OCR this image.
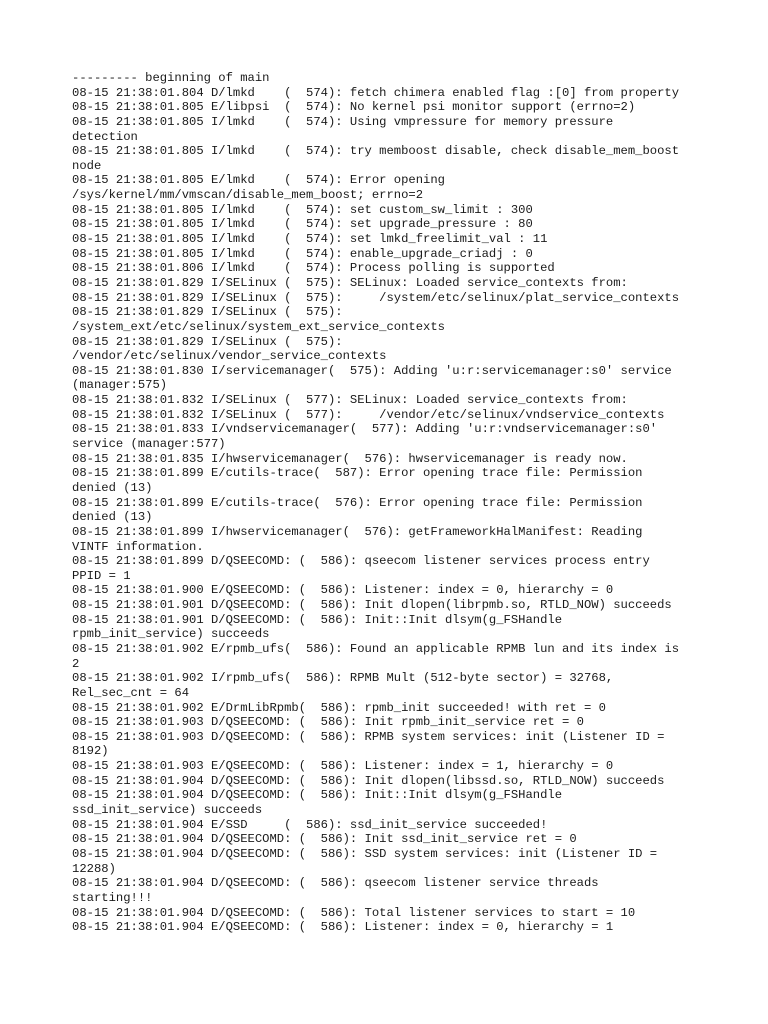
--------- beginning of main
08-15 21:38:01.804 D/lmkd    (  574): fetch chimera enabled flag :[0] from property
08-15 21:38:01.805 E/libpsi  (  574): No kernel psi monitor support (errno=2)
08-15 21:38:01.805 I/lmkd    (  574): Using vmpressure for memory pressure
detection
08-15 21:38:01.805 I/lmkd    (  574): try memboost disable, check disable_mem_boost
node
08-15 21:38:01.805 E/lmkd    (  574): Error opening
/sys/kernel/mm/vmscan/disable_mem_boost; errno=2
08-15 21:38:01.805 I/lmkd    (  574): set custom_sw_limit : 300
08-15 21:38:01.805 I/lmkd    (  574): set upgrade_pressure : 80
08-15 21:38:01.805 I/lmkd    (  574): set lmkd_freelimit_val : 11
08-15 21:38:01.805 I/lmkd    (  574): enable_upgrade_criadj : 0
08-15 21:38:01.806 I/lmkd    (  574): Process polling is supported
08-15 21:38:01.829 I/SELinux (  575): SELinux: Loaded service_contexts from:
08-15 21:38:01.829 I/SELinux (  575):     /system/etc/selinux/plat_service_contexts
08-15 21:38:01.829 I/SELinux (  575):
/system_ext/etc/selinux/system_ext_service_contexts
08-15 21:38:01.829 I/SELinux (  575):
/vendor/etc/selinux/vendor_service_contexts
08-15 21:38:01.830 I/servicemanager(  575): Adding 'u:r:servicemanager:s0' service
(manager:575)
08-15 21:38:01.832 I/SELinux (  577): SELinux: Loaded service_contexts from:
08-15 21:38:01.832 I/SELinux (  577):     /vendor/etc/selinux/vndservice_contexts
08-15 21:38:01.833 I/vndservicemanager(  577): Adding 'u:r:vndservicemanager:s0'
service (manager:577)
08-15 21:38:01.835 I/hwservicemanager(  576): hwservicemanager is ready now.
08-15 21:38:01.899 E/cutils-trace(  587): Error opening trace file: Permission
denied (13)
08-15 21:38:01.899 E/cutils-trace(  576): Error opening trace file: Permission
denied (13)
08-15 21:38:01.899 I/hwservicemanager(  576): getFrameworkHalManifest: Reading
VINTF information.
08-15 21:38:01.899 D/QSEECOMD: (  586): qseecom listener services process entry
PPID = 1
08-15 21:38:01.900 E/QSEECOMD: (  586): Listener: index = 0, hierarchy = 0
08-15 21:38:01.901 D/QSEECOMD: (  586): Init dlopen(librpmb.so, RTLD_NOW) succeeds
08-15 21:38:01.901 D/QSEECOMD: (  586): Init::Init dlsym(g_FSHandle
rpmb_init_service) succeeds
08-15 21:38:01.902 E/rpmb_ufs(  586): Found an applicable RPMB lun and its index is
2
08-15 21:38:01.902 I/rpmb_ufs(  586): RPMB Mult (512-byte sector) = 32768,
Rel_sec_cnt = 64
08-15 21:38:01.902 E/DrmLibRpmb(  586): rpmb_init succeeded! with ret = 0
08-15 21:38:01.903 D/QSEECOMD: (  586): Init rpmb_init_service ret = 0
08-15 21:38:01.903 D/QSEECOMD: (  586): RPMB system services: init (Listener ID =
8192)
08-15 21:38:01.903 E/QSEECOMD: (  586): Listener: index = 1, hierarchy = 0
08-15 21:38:01.904 D/QSEECOMD: (  586): Init dlopen(libssd.so, RTLD_NOW) succeeds
08-15 21:38:01.904 D/QSEECOMD: (  586): Init::Init dlsym(g_FSHandle
ssd_init_service) succeeds
08-15 21:38:01.904 E/SSD     (  586): ssd_init_service succeeded!
08-15 21:38:01.904 D/QSEECOMD: (  586): Init ssd_init_service ret = 0
08-15 21:38:01.904 D/QSEECOMD: (  586): SSD system services: init (Listener ID =
12288)
08-15 21:38:01.904 D/QSEECOMD: (  586): qseecom listener service threads
starting!!!
08-15 21:38:01.904 D/QSEECOMD: (  586): Total listener services to start = 10
08-15 21:38:01.904 E/QSEECOMD: (  586): Listener: index = 0, hierarchy = 1
